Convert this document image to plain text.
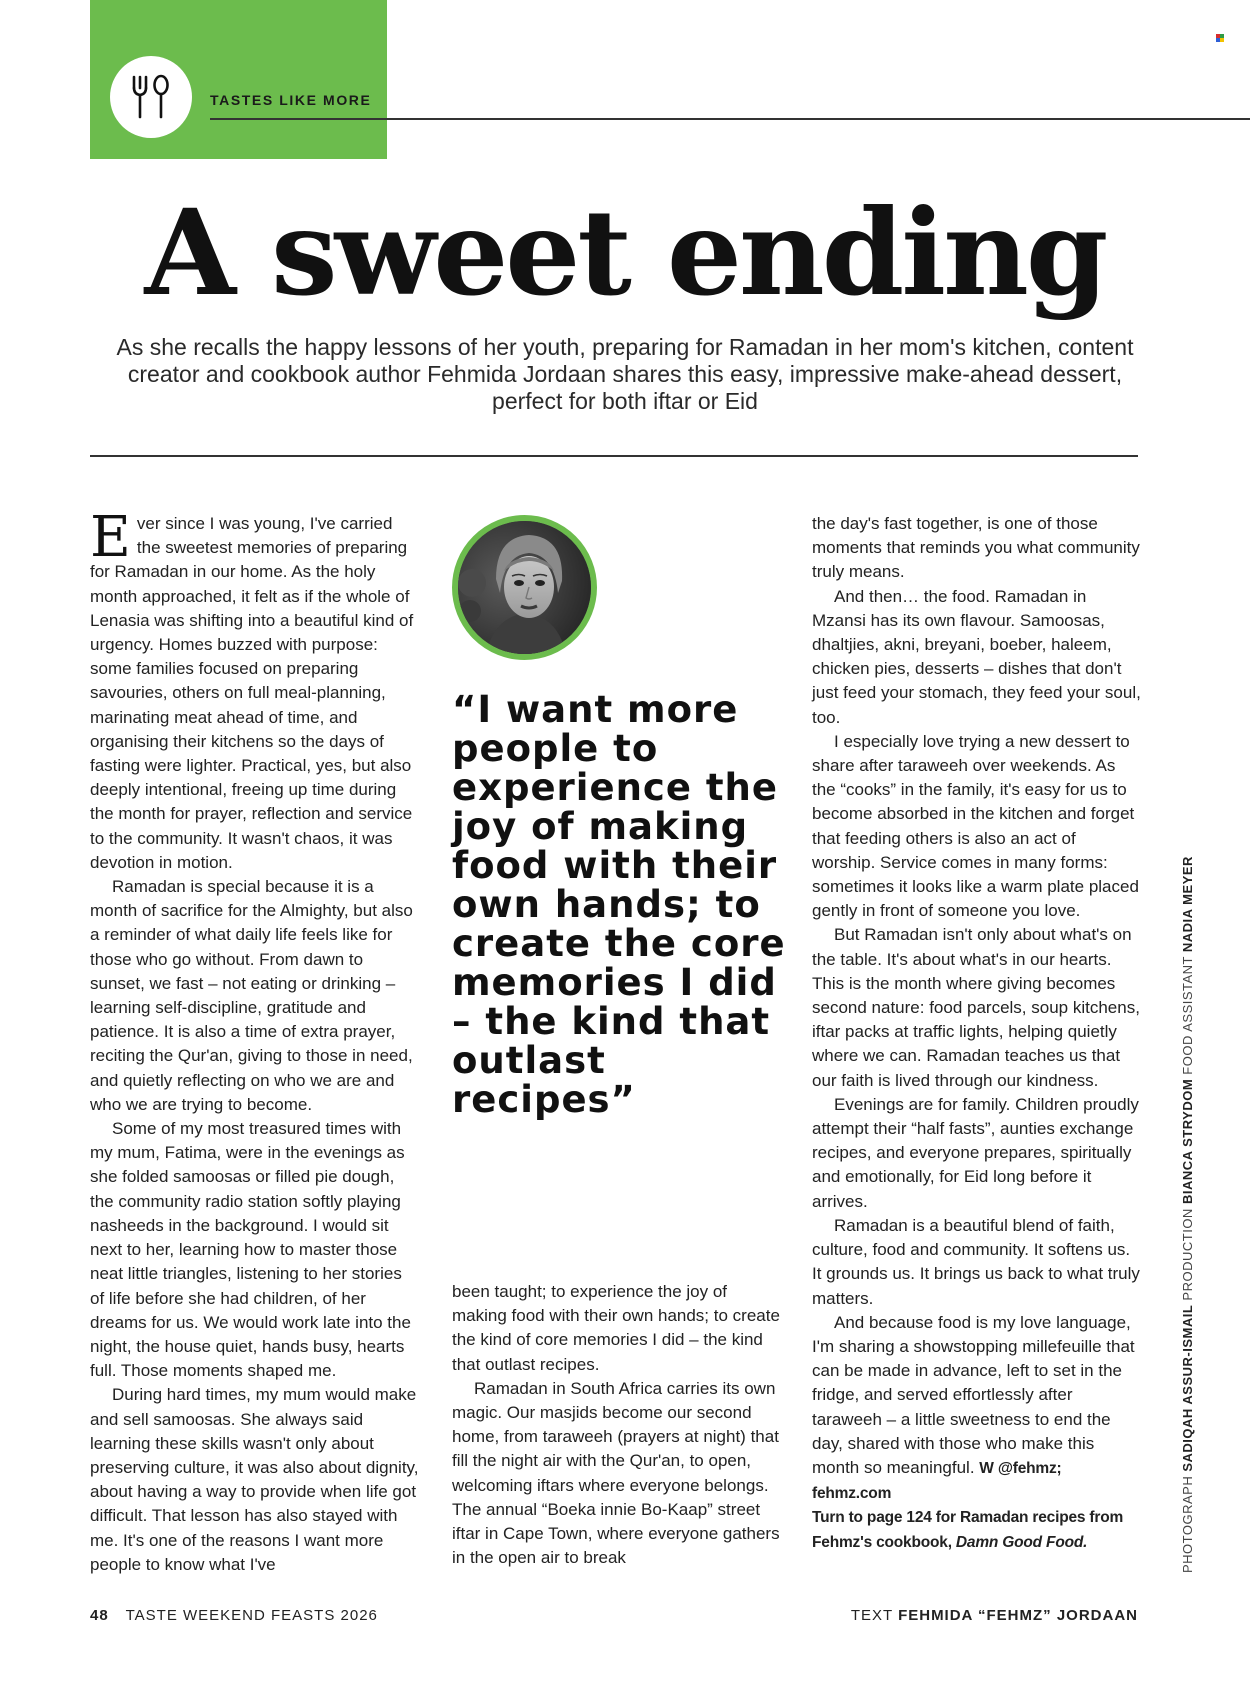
TASTES LIKE MORE
A sweet ending
As she recalls the happy lessons of her youth, preparing for Ramadan in her mom's kitchen, content creator and cookbook author Fehmida Jordaan shares this easy, impressive make-ahead dessert, perfect for both iftar or Eid

Ever since I was young, I've carried the sweetest memories of preparing for Ramadan in our home. As the holy month approached, it felt as if the whole of Lenasia was shifting into a beautiful kind of urgency. Homes buzzed with purpose: some families focused on preparing savouries, others on full meal-planning, marinating meat ahead of time, and organising their kitchens so the days of fasting were lighter. Practical, yes, but also deeply intentional, freeing up time during the month for prayer, reflection and service to the community. It wasn't chaos, it was devotion in motion.

Ramadan is special because it is a month of sacrifice for the Almighty, but also a reminder of what daily life feels like for those who go without. From dawn to sunset, we fast – not eating or drinking – learning self-discipline, gratitude and patience. It is also a time of extra prayer, reciting the Qur'an, giving to those in need, and quietly reflecting on who we are and who we are trying to become.

Some of my most treasured times with my mum, Fatima, were in the evenings as she folded samoosas or filled pie dough, the community radio station softly playing nasheeds in the background. I would sit next to her, learning how to master those neat little triangles, listening to her stories of life before she had children, of her dreams for us. We would work late into the night, the house quiet, hands busy, hearts full. Those moments shaped me.

During hard times, my mum would make and sell samoosas. She always said learning these skills wasn't only about preserving culture, it was also about dignity, about having a way to provide when life got difficult. That lesson has also stayed with me. It's one of the reasons I want more people to know what I've

“I want more people to experience the joy of making food with their own hands; to create the core memories I did – the kind that outlast recipes”

been taught; to experience the joy of making food with their own hands; to create the kind of core memories I did – the kind that outlast recipes.

Ramadan in South Africa carries its own magic. Our masjids become our second home, from taraweeh (prayers at night) that fill the night air with the Qur'an, to open, welcoming iftars where everyone belongs. The annual “Boeka innie Bo-Kaap” street iftar in Cape Town, where everyone gathers in the open air to break

the day's fast together, is one of those moments that reminds you what community truly means.

And then… the food. Ramadan in Mzansi has its own flavour. Samoosas, dhaltjies, akni, breyani, boeber, haleem, chicken pies, desserts – dishes that don't just feed your stomach, they feed your soul, too.

I especially love trying a new dessert to share after taraweeh over weekends. As the “cooks” in the family, it's easy for us to become absorbed in the kitchen and forget that feeding others is also an act of worship. Service comes in many forms: sometimes it looks like a warm plate placed gently in front of someone you love.

But Ramadan isn't only about what's on the table. It's about what's in our hearts. This is the month where giving becomes second nature: food parcels, soup kitchens, iftar packs at traffic lights, helping quietly where we can. Ramadan teaches us that our faith is lived through our kindness.

Evenings are for family. Children proudly attempt their “half fasts”, aunties exchange recipes, and everyone prepares, spiritually and emotionally, for Eid long before it arrives.

Ramadan is a beautiful blend of faith, culture, food and community. It softens us. It grounds us. It brings us back to what truly matters.

And because food is my love language, I'm sharing a showstopping millefeuille that can be made in advance, left to set in the fridge, and served effortlessly after taraweeh – a little sweetness to end the day, shared with those who make this month so meaningful. W @fehmz; fehmz.com

Turn to page 124 for Ramadan recipes from Fehmz's cookbook, Damn Good Food.	PHOTOGRAPH SADIQAH ASSUR-ISMAIL PRODUCTION BIANCA STRYDOM FOOD ASSISTANT NADIA MEYER
48 TASTE WEEKEND FEASTS 2026	TEXT FEHMIDA “FEHMZ” JORDAAN
